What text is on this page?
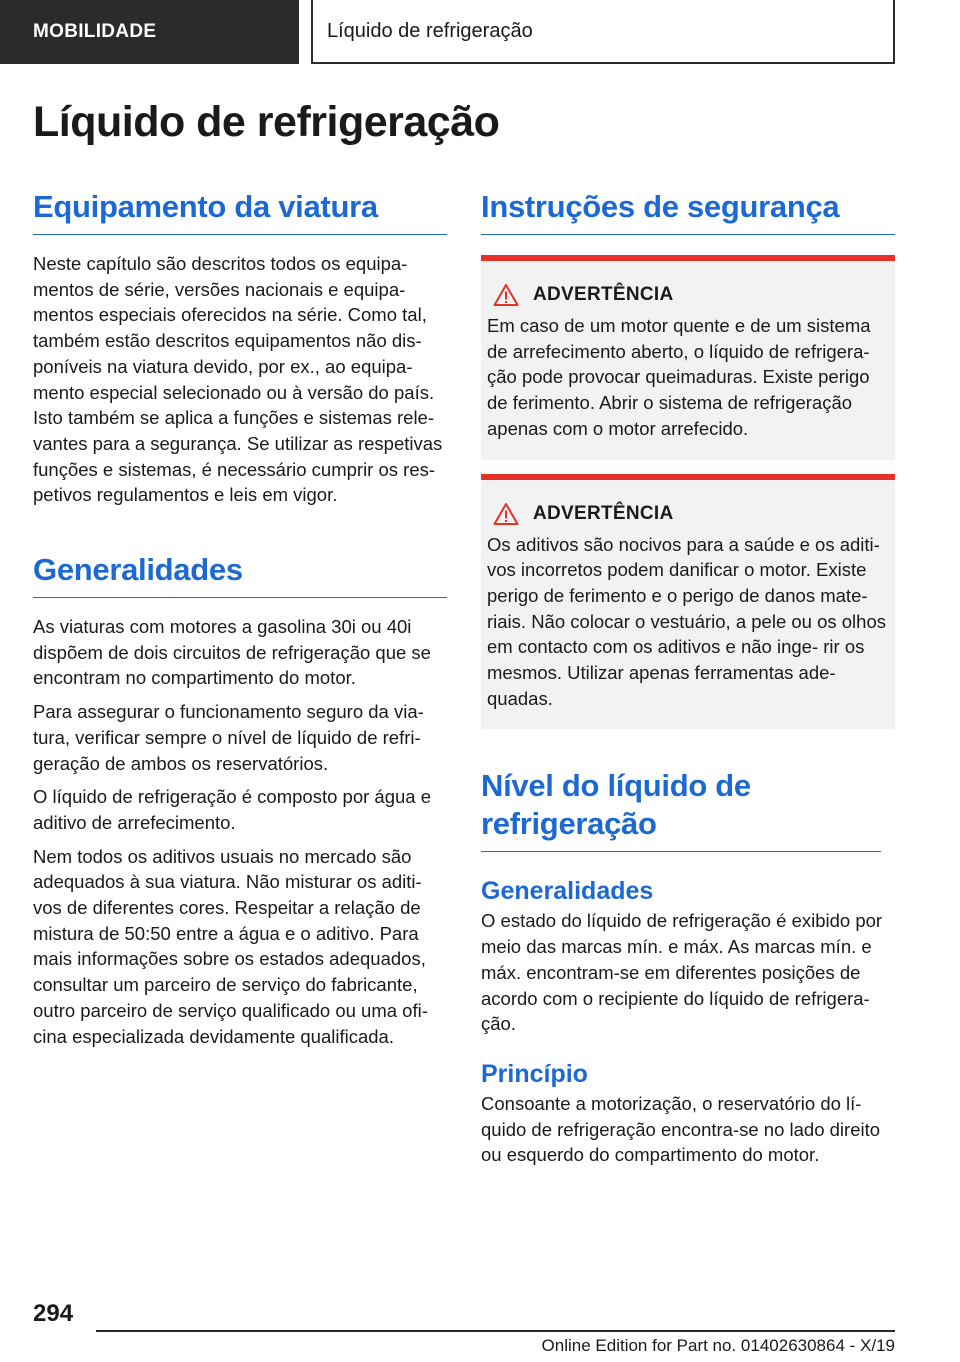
MOBILIDADE	Líquido de refrigeração
Líquido de refrigeração
Equipamento da viatura

Neste capítulo são descritos todos os equipa- mentos de série, versões nacionais e equipa- mentos especiais oferecidos na série. Como tal, também estão descritos equipamentos não dis- poníveis na viatura devido, por ex., ao equipa- mento especial selecionado ou à versão do país. Isto também se aplica a funções e sistemas rele- vantes para a segurança. Se utilizar as respetivas funções e sistemas, é necessário cumprir os res- petivos regulamentos e leis em vigor.

Generalidades

As viaturas com motores a gasolina 30i ou 40i dispõem de dois circuitos de refrigeração que se encontram no compartimento do motor.

Para assegurar o funcionamento seguro da via- tura, verificar sempre o nível de líquido de refri- geração de ambos os reservatórios.

O líquido de refrigeração é composto por água e aditivo de arrefecimento.

Nem todos os aditivos usuais no mercado são adequados à sua viatura. Não misturar os aditi- vos de diferentes cores. Respeitar a relação de mistura de 50:50 entre a água e o aditivo. Para mais informações sobre os estados adequados, consultar um parceiro de serviço do fabricante, outro parceiro de serviço qualificado ou uma ofi- cina especializada devidamente qualificada.

Instruções de segurança
ADVERTÊNCIA

Em caso de um motor quente e de um sistema de arrefecimento aberto, o líquido de refrigera- ção pode provocar queimaduras. Existe perigo de ferimento. Abrir o sistema de refrigeração apenas com o motor arrefecido.

ADVERTÊNCIA

Os aditivos são nocivos para a saúde e os aditi- vos incorretos podem danificar o motor. Existe perigo de ferimento e o perigo de danos mate- riais. Não colocar o vestuário, a pele ou os olhos em contacto com os aditivos e não inge- rir os mesmos. Utilizar apenas ferramentas ade- quadas.

Nível do líquido de refrigeração
Generalidades

O estado do líquido de refrigeração é exibido por meio das marcas mín. e máx. As marcas mín. e máx. encontram-se em diferentes posições de acordo com o recipiente do líquido de refrigera- ção.

Princípio

Consoante a motorização, o reservatório do lí- quido de refrigeração encontra-se no lado direito ou esquerdo do compartimento do motor.

294
Online Edition for Part no. 01402630864 - X/19
